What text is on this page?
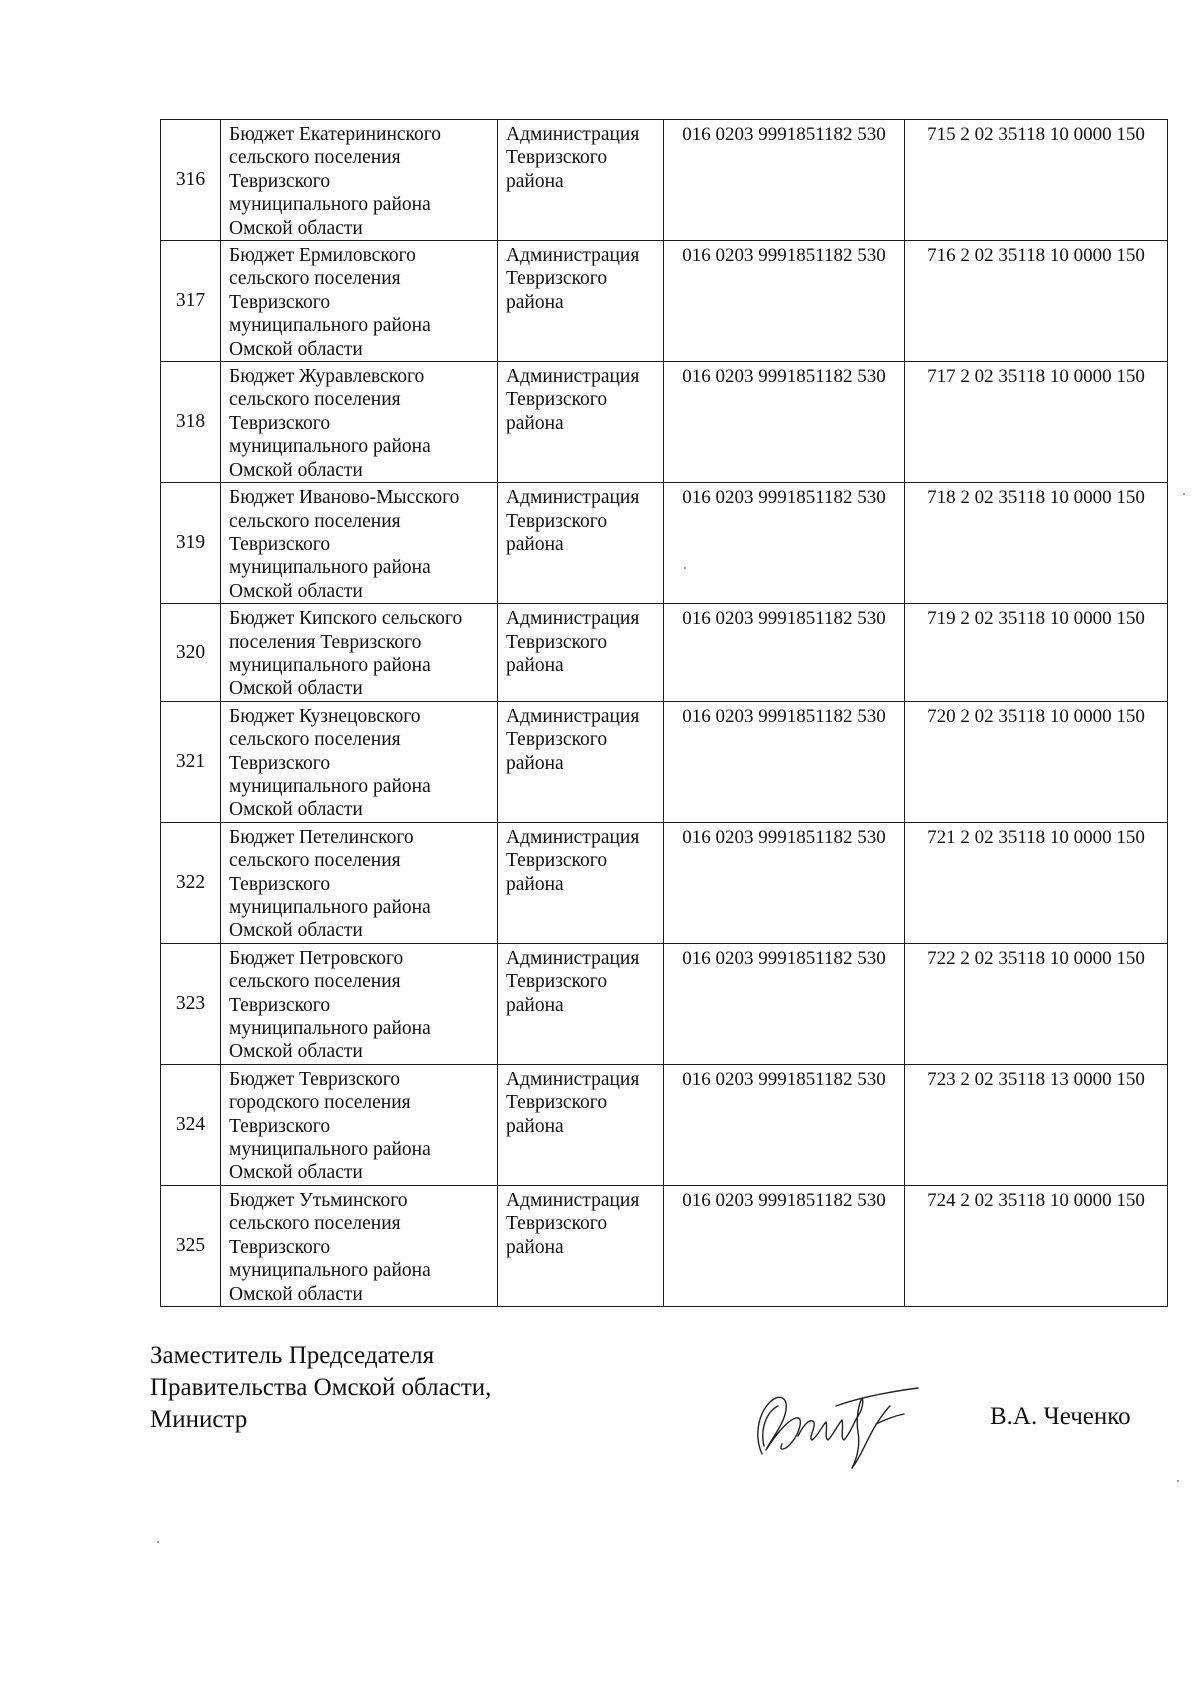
316	Бюджет Екатерининского
сельского поселения
Тевризского
муниципального района
Омской области	Администрация
Тевризского
района	016 0203 9991851182 530	715 2 02 35118 10 0000 150
317	Бюджет Ермиловского
сельского поселения
Тевризского
муниципального района
Омской области	Администрация
Тевризского
района	016 0203 9991851182 530	716 2 02 35118 10 0000 150
318	Бюджет Журавлевского
сельского поселения
Тевризского
муниципального района
Омской области	Администрация
Тевризского
района	016 0203 9991851182 530	717 2 02 35118 10 0000 150
319	Бюджет Иваново-Мысского
сельского поселения
Тевризского
муниципального района
Омской области	Администрация
Тевризского
района	016 0203 9991851182 530	718 2 02 35118 10 0000 150
320	Бюджет Кипского сельского
поселения Тевризского
муниципального района
Омской области	Администрация
Тевризского
района	016 0203 9991851182 530	719 2 02 35118 10 0000 150
321	Бюджет Кузнецовского
сельского поселения
Тевризского
муниципального района
Омской области	Администрация
Тевризского
района	016 0203 9991851182 530	720 2 02 35118 10 0000 150
322	Бюджет Петелинского
сельского поселения
Тевризского
муниципального района
Омской области	Администрация
Тевризского
района	016 0203 9991851182 530	721 2 02 35118 10 0000 150
323	Бюджет Петровского
сельского поселения
Тевризского
муниципального района
Омской области	Администрация
Тевризского
района	016 0203 9991851182 530	722 2 02 35118 10 0000 150
324	Бюджет Тевризского
городского поселения
Тевризского
муниципального района
Омской области	Администрация
Тевризского
района	016 0203 9991851182 530	723 2 02 35118 13 0000 150
325	Бюджет Утьминского
сельского поселения
Тевризского
муниципального района
Омской области	Администрация
Тевризского
района	016 0203 9991851182 530	724 2 02 35118 10 0000 150
Заместитель Председателя
Правительства Омской области,
Министр	В.А. Чеченко
